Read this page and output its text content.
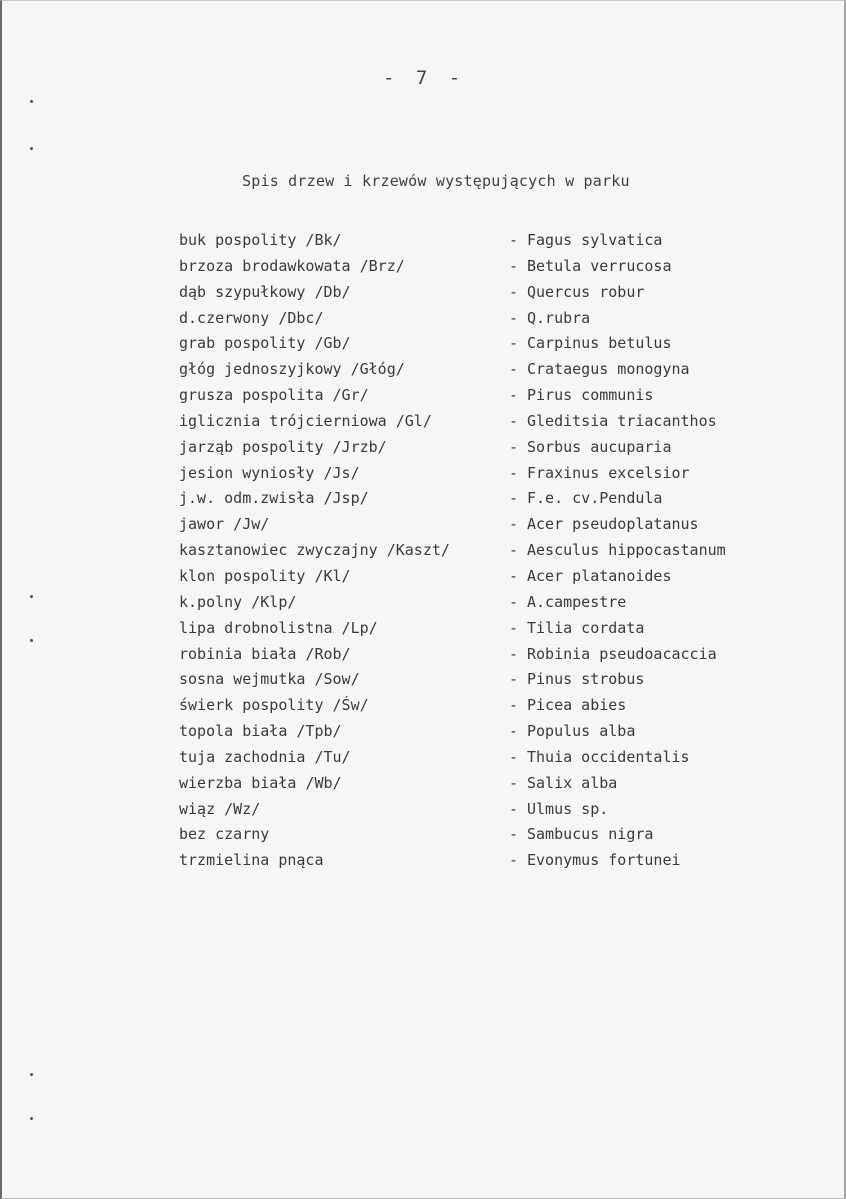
- 7 -
Spis drzew i krzewów występujących w parku
buk pospolity /Bk/	- Fagus sylvatica
brzoza brodawkowata /Brz/	- Betula verrucosa
dąb szypułkowy /Db/	- Quercus robur
d.czerwony /Dbc/	- Q.rubra
grab pospolity /Gb/	- Carpinus betulus
głóg jednoszyjkowy /Głóg/	- Crataegus monogyna
grusza pospolita /Gr/	- Pirus communis
iglicznia trójcierniowa /Gl/	- Gleditsia triacanthos
jarząb pospolity /Jrzb/	- Sorbus aucuparia
jesion wyniosły /Js/	- Fraxinus excelsior
j.w. odm.zwisła /Jsp/	- F.e. cv.Pendula
jawor /Jw/	- Acer pseudoplatanus
kasztanowiec zwyczajny /Kaszt/	- Aesculus hippocastanum
klon pospolity /Kl/	- Acer platanoides
k.polny /Klp/	- A.campestre
lipa drobnolistna /Lp/	- Tilia cordata
robinia biała /Rob/	- Robinia pseudoacaccia
sosna wejmutka /Sow/	- Pinus strobus
świerk pospolity /Św/	- Picea abies
topola biała /Tpb/	- Populus alba
tuja zachodnia /Tu/	- Thuia occidentalis
wierzba biała /Wb/	- Salix alba
wiąz /Wz/	- Ulmus sp.
bez czarny	- Sambucus nigra
trzmielina pnąca	- Evonymus fortunei
